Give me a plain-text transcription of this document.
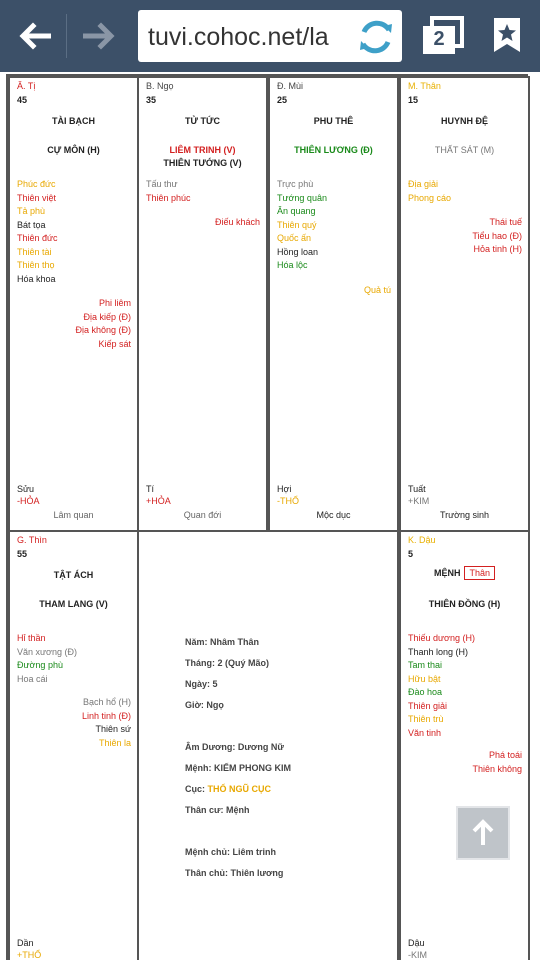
tuvi.cohoc.net/la	2
Ă. Tị
45
TÀI BẠCH
CỰ MÔN (H)
Phúc đức
Thiên việt
Tả phù
Bát tọa
Thiên đức
Thiên tài
Thiên thọ
Hóa khoa
Phi liêm
Địa kiếp (Đ)
Địa không (Đ)
Kiếp sát
Sửu
-HỎA
Lâm quan
B. Ngọ
35
TỬ TỨC
LIÊM TRINH (V)
THIÊN TƯỚNG (V)
Tấu thư
Thiên phúc
Điếu khách
Tí
+HỎA
Quan đới
Đ. Mùi
25
PHU THÊ
THIÊN LƯƠNG (Đ)
Trực phù
Tướng quân
Ân quang
Thiên quý
Quốc ấn
Hồng loan
Hóa lộc
Quả tú
Hợi
-THỔ
Mộc dục
M. Thân
15
HUYNH ĐỆ
THẤT SÁT (M)
Địa giải
Phong cáo
Thái tuế
Tiểu hao (Đ)
Hỏa tinh (H)
Tuất
+KIM
Trường sinh
G. Thìn
55
TẬT ÁCH
THAM LANG (V)
Hỉ thần
Văn xương (Đ)
Đường phù
Hoa cái
Bạch hổ (H)
Linh tinh (Đ)
Thiên sứ
Thiên la
Dần
+THỔ
Năm: Nhâm Thân
Tháng: 2 (Quý Mão)
Ngày: 5
Giờ: Ngọ
Âm Dương: Dương Nữ
Mệnh: KIẾM PHONG KIM
Cục: THỔ NGŨ CỤC
Thân cư: Mệnh
Mệnh chủ: Liêm trinh
Thân chủ: Thiên lương
K. Dậu
5
MỆNH Thân
THIÊN ĐỒNG (H)
Thiếu dương (H)
Thanh long (H)
Tam thai
Hữu bật
Đào hoa
Thiên giải
Thiên trù
Văn tinh
Phá toái
Thiên không
Dậu
-KIM
